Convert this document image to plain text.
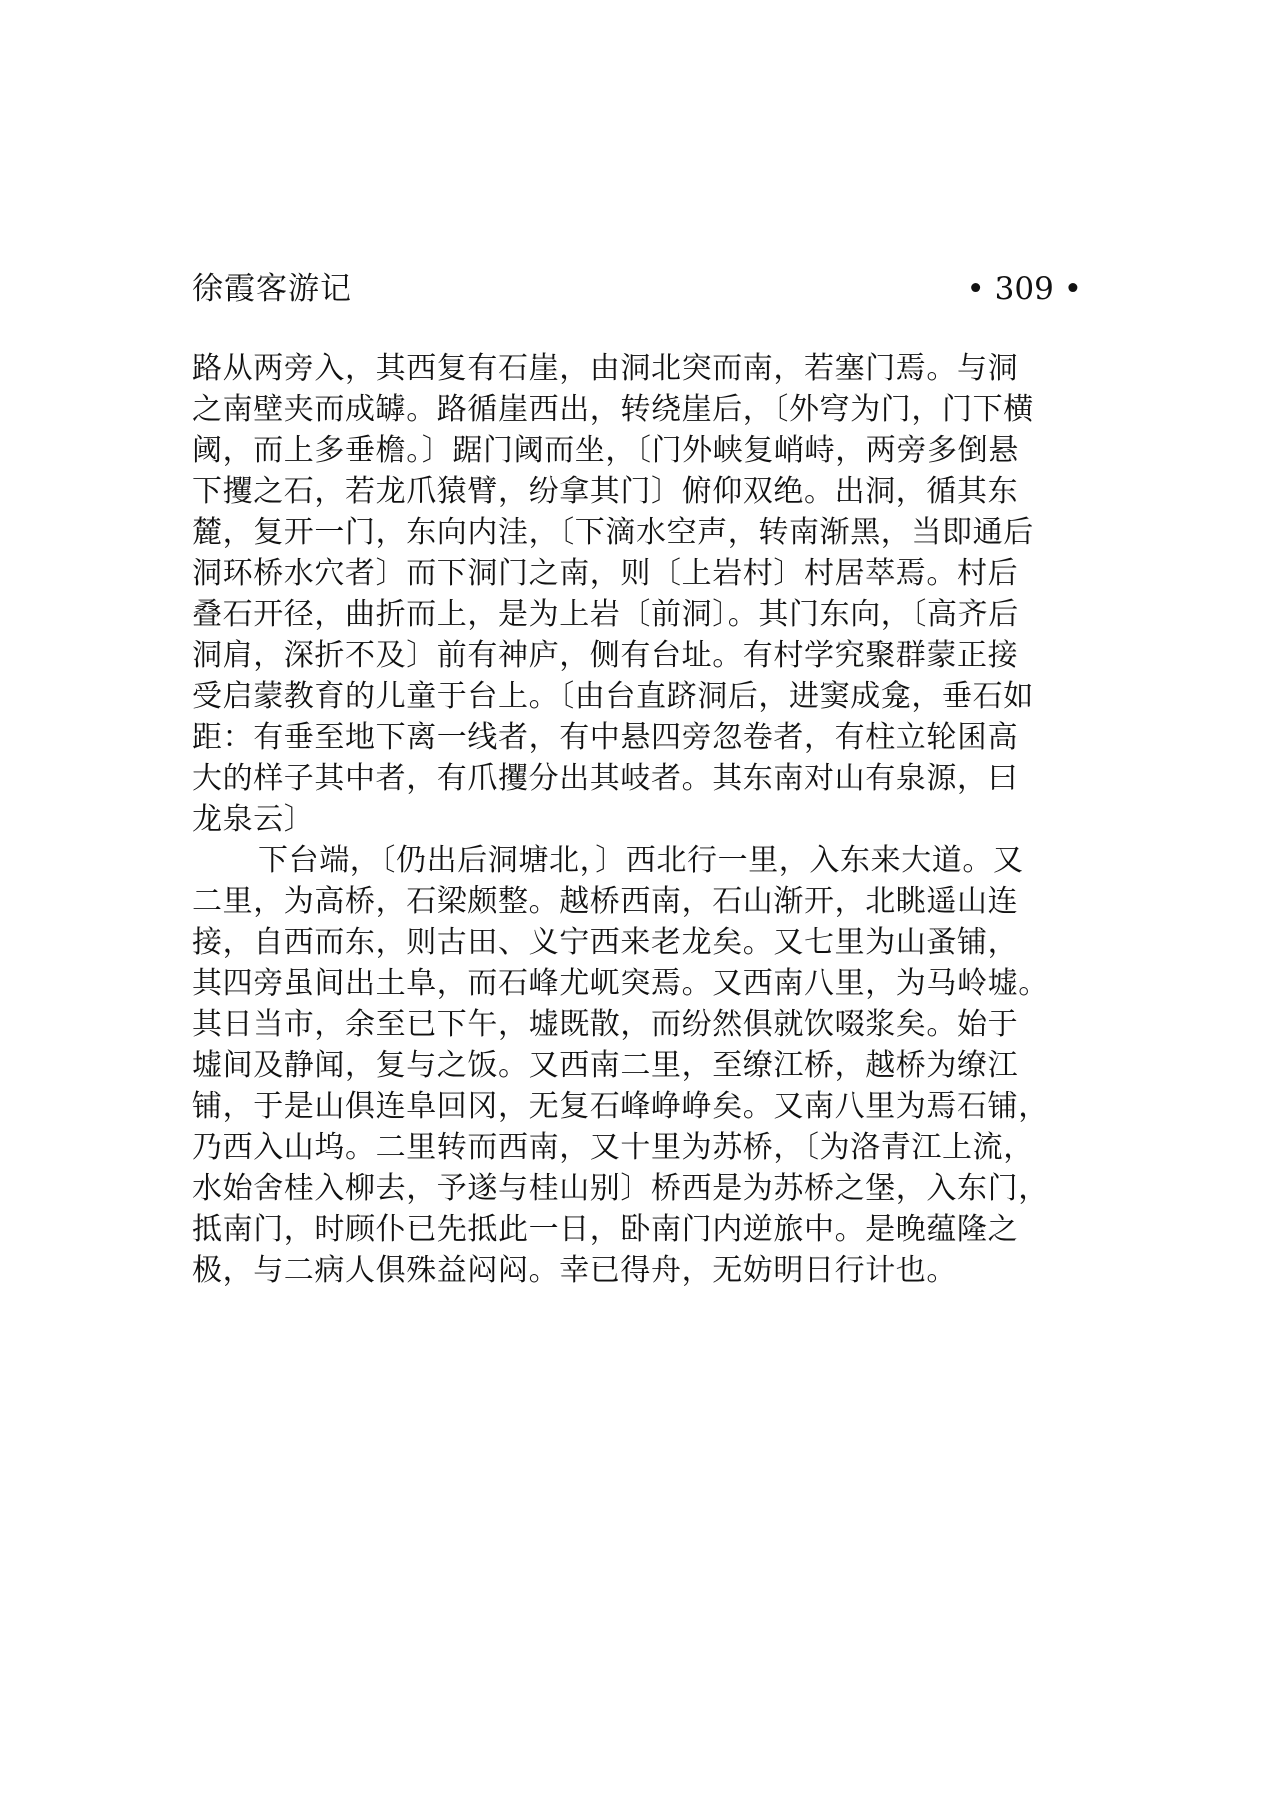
徐霞客游记	• 309 •
路从两旁入，其西复有石崖，由洞北突而南，若塞门焉。与洞
之南壁夹而成罅。路循崖西出，转绕崖后，〔外穹为门，门下横
阈，而上多垂檐。〕踞门阈而坐，〔门外峡复峭峙，两旁多倒悬
下攫之石，若龙爪猿臂，纷拿其门〕俯仰双绝。出洞，循其东
麓，复开一门，东向内洼，〔下滴水空声，转南渐黑，当即通后
洞环桥水穴者〕而下洞门之南，则〔上岩村〕村居萃焉。村后
叠石开径，曲折而上，是为上岩〔前洞〕。其门东向，〔高齐后
洞肩，深折不及〕前有神庐，侧有台址。有村学究聚群蒙正接
受启蒙教育的儿童于台上。〔由台直跻洞后，进窦成龛，垂石如
距：有垂至地下离一线者，有中悬四旁忽卷者，有柱立轮囷高
大的样子其中者，有爪攫分出其岐者。其东南对山有泉源，曰
龙泉云〕
下台端，〔仍出后洞塘北，〕西北行一里，入东来大道。又
二里，为高桥，石梁颇整。越桥西南，石山渐开，北眺遥山连
接，自西而东，则古田、义宁西来老龙矣。又七里为山蚤铺，
其四旁虽间出土阜，而石峰尤屼突焉。又西南八里，为马岭墟。
其日当市，余至已下午，墟既散，而纷然俱就饮啜浆矣。始于
墟间及静闻，复与之饭。又西南二里，至缭江桥，越桥为缭江
铺，于是山俱连阜回冈，无复石峰峥峥矣。又南八里为焉石铺，
乃西入山坞。二里转而西南，又十里为苏桥，〔为洛青江上流，
水始舍桂入柳去，予遂与桂山别〕桥西是为苏桥之堡，入东门，
抵南门，时顾仆已先抵此一日，卧南门内逆旅中。是晚蕴隆之
极，与二病人俱殊益闷闷。幸已得舟，无妨明日行计也。
